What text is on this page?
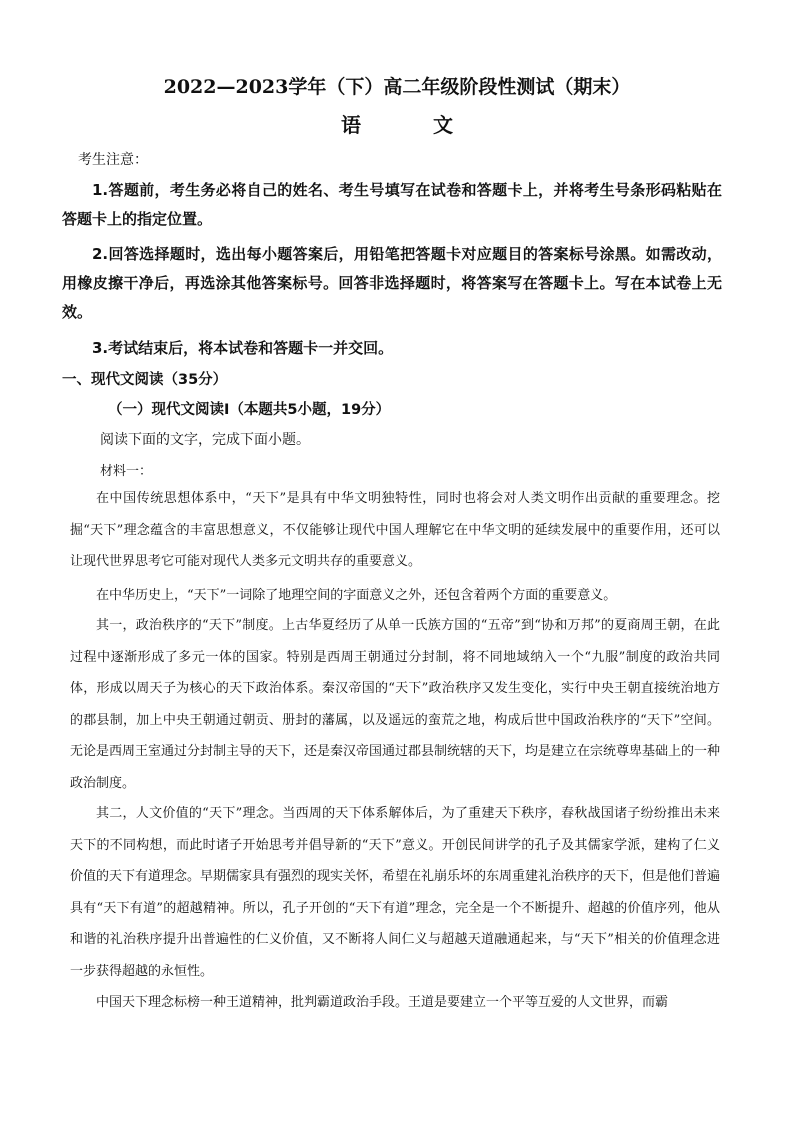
2022—2023学年（下）高二年级阶段性测试（期末）
语文
考生注意：

1.答题前，考生务必将自己的姓名、考生号填写在试卷和答题卡上，并将考生号条形码粘贴在答题卡上的指定位置。

2.回答选择题时，选出每小题答案后，用铅笔把答题卡对应题目的答案标号涂黑。如需改动，用橡皮擦干净后，再选涂其他答案标号。回答非选择题时，将答案写在答题卡上。写在本试卷上无效。

3.考试结束后，将本试卷和答题卡一并交回。

一、现代文阅读（35分）
（一）现代文阅读Ⅰ（本题共5小题，19分）
阅读下面的文字，完成下面小题。
材料一：

在中国传统思想体系中，“天下”是具有中华文明独特性，同时也将会对人类文明作出贡献的重要理念。挖掘“天下”理念蕴含的丰富思想意义，不仅能够让现代中国人理解它在中华文明的延续发展中的重要作用，还可以让现代世界思考它可能对现代人类多元文明共存的重要意义。

在中华历史上，“天下”一词除了地理空间的字面意义之外，还包含着两个方面的重要意义。

其一，政治秩序的“天下”制度。上古华夏经历了从单一氏族方国的“五帝”到“协和万邦”的夏商周王朝，在此过程中逐渐形成了多元一体的国家。特别是西周王朝通过分封制，将不同地域纳入一个“九服”制度的政治共同体，形成以周天子为核心的天下政治体系。秦汉帝国的“天下”政治秩序又发生变化，实行中央王朝直接统治地方的郡县制，加上中央王朝通过朝贡、册封的藩属，以及遥远的蛮荒之地，构成后世中国政治秩序的“天下”空间。无论是西周王室通过分封制主导的天下，还是秦汉帝国通过郡县制统辖的天下，均是建立在宗统尊卑基础上的一种政治制度。

其二，人文价值的“天下”理念。当西周的天下体系解体后，为了重建天下秩序，春秋战国诸子纷纷推出未来天下的不同构想，而此时诸子开始思考并倡导新的“天下”意义。开创民间讲学的孔子及其儒家学派，建构了仁义价值的天下有道理念。早期儒家具有强烈的现实关怀，希望在礼崩乐坏的东周重建礼治秩序的天下，但是他们普遍具有“天下有道”的超越精神。所以，孔子开创的“天下有道”理念，完全是一个不断提升、超越的价值序列，他从和谐的礼治秩序提升出普遍性的仁义价值，又不断将人间仁义与超越天道融通起来，与“天下”相关的价值理念进一步获得超越的永恒性。

中国天下理念标榜一种王道精神，批判霸道政治手段。王道是要建立一个平等互爱的人文世界，而霸
